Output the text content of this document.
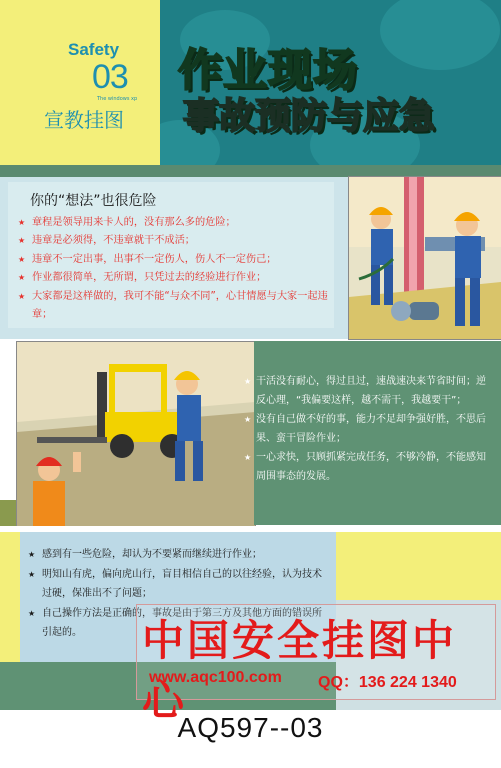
Safety
03
The windows xp
宣教挂图
作业现场
事故预防与应急
你的“想法”也很危险
★ 章程是领导用来卡人的，没有那么多的危险；
★ 违章是必须得，不违章就干不成活；
★ 违章不一定出事，出事不一定伤人，伤人不一定伤己；
★ 作业都很简单，无所谓，只凭过去的经验进行作业；
★ 大家都是这样做的，我可不能“与众不同”，心甘情愿与大家一起违章；
★ 干活没有耐心，得过且过，速战速决来节省时间；逆反心理，“我偏要这样，越不需干，我越要干”；
★ 没有自己做不好的事，能力不足却争强好胜，不思后果、蛮干冒险作业；
★ 一心求快，只顾抓紧完成任务，不够冷静，不能感知周围事态的发展。
★ 感到有一些危险，却认为不要紧而继续进行作业；
★ 明知山有虎，偏向虎山行，盲目相信自己的以往经验，认为技术过硬，保准出不了问题；
★ 自己操作方法是正确的，事故是由于第三方及其他方面的错误所引起的。	中国安全挂图中心
www.aqc100.com QQ：136 224 1340
AQ597--03
